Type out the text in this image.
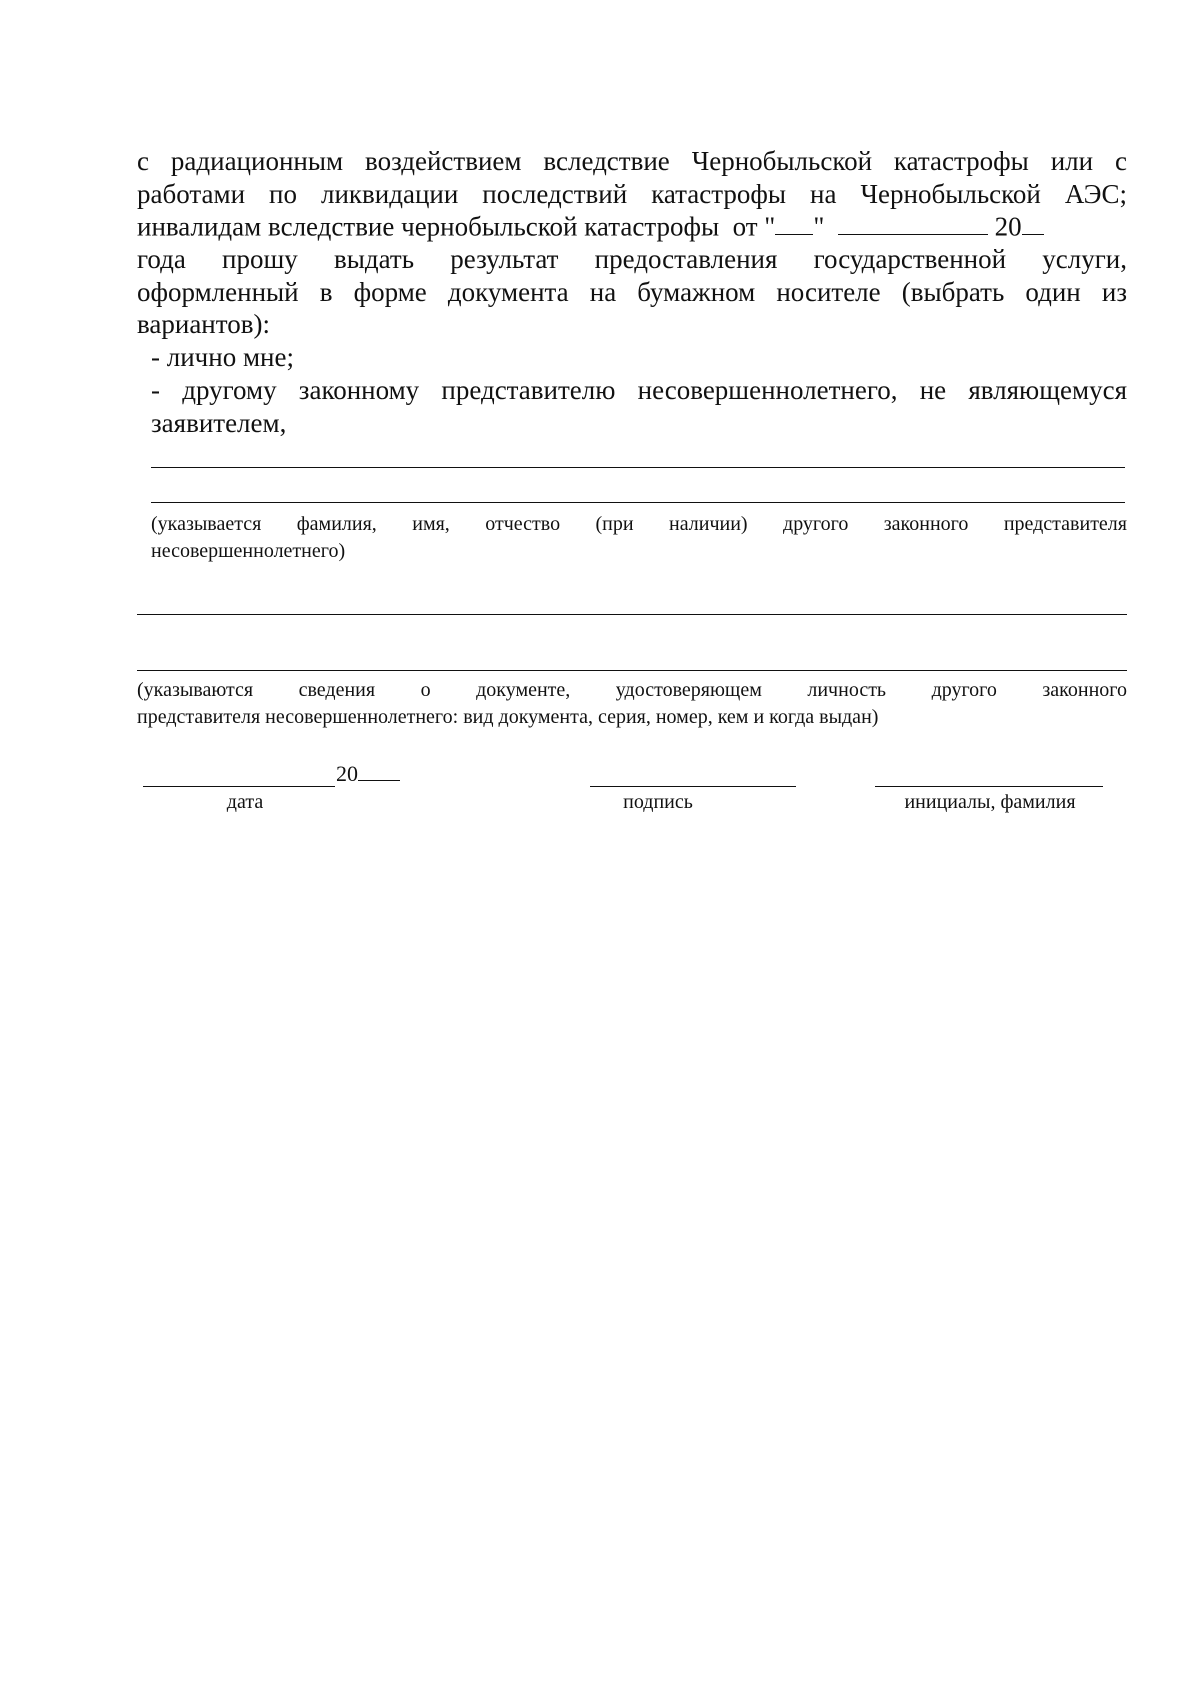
с радиационным воздействием вследствие Чернобыльской катастрофы или с
работами по ликвидации последствий катастрофы на Чернобыльской АЭС;
инвалидам вследствие чернобыльской катастрофы от " "	20
года прошу выдать результат предоставления государственной услуги,
оформленный в форме документа на бумажном носителе (выбрать один из
вариантов):
- лично мне;
- другому законному представителю несовершеннолетнего, не являющемуся
заявителем,
(указывается фамилия, имя, отчество (при наличии) другого законного представителя
несовершеннолетнего)
(указываются сведения о документе, удостоверяющем личность другого законного
представителя несовершеннолетнего: вид документа, серия, номер, кем и когда выдан)
20
дата	подпись	инициалы, фамилия
